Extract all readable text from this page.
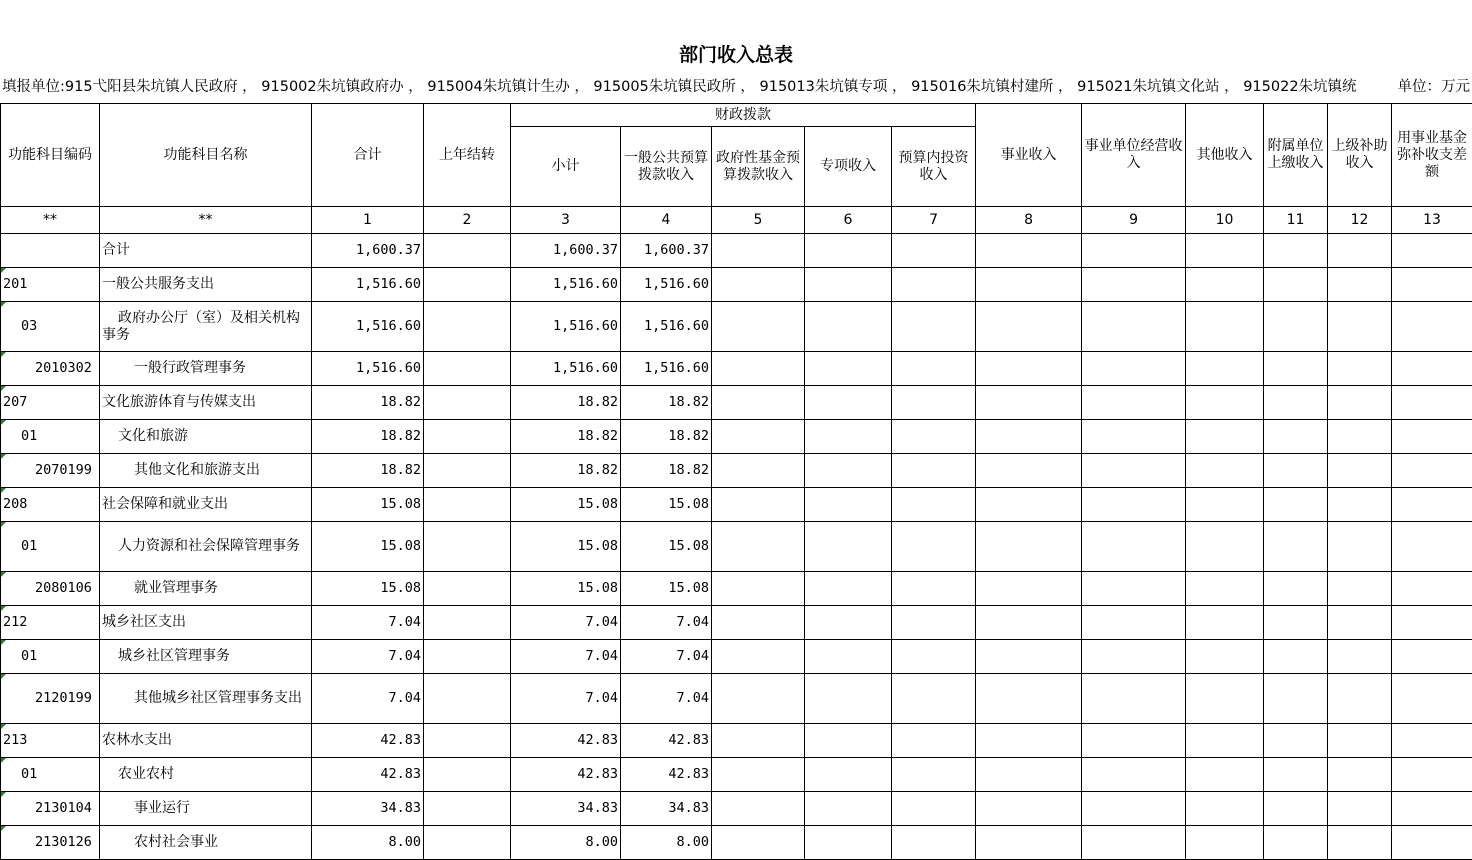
部门收入总表
填报单位:915弋阳县朱坑镇人民政府 ， 915002朱坑镇政府办 ， 915004朱坑镇计生办 ， 915005朱坑镇民政所 ， 915013朱坑镇专项 ， 915016朱坑镇村建所 ， 915021朱坑镇文化站 ， 915022朱坑镇统	单位：万元
功能科目编码	功能科目名称	合计	上年结转	财政拨款					事业收入	事业单位经营收入	其他收入	附属单位上缴收入	上级补助收入	用事业基金弥补收支差额
				小计	一般公共预算拨款收入	政府性基金预算拨款收入	专项收入	预算内投资收入						
**	**	1	2	3	4	5	6	7	8	9	10	11	12	13
	合计	1,600.37		1,600.37	1,600.37									
201	一般公共服务支出	1,516.60		1,516.60	1,516.60									
03	政府办公厅（室）及相关机构事务	1,516.60		1,516.60	1,516.60									
2010302	一般行政管理事务	1,516.60		1,516.60	1,516.60									
207	文化旅游体育与传媒支出	18.82		18.82	18.82									
01	文化和旅游	18.82		18.82	18.82									
2070199	其他文化和旅游支出	18.82		18.82	18.82									
208	社会保障和就业支出	15.08		15.08	15.08									
01	人力资源和社会保障管理事务	15.08		15.08	15.08									
2080106	就业管理事务	15.08		15.08	15.08									
212	城乡社区支出	7.04		7.04	7.04									
01	城乡社区管理事务	7.04		7.04	7.04									
2120199	其他城乡社区管理事务支出	7.04		7.04	7.04									
213	农林水支出	42.83		42.83	42.83									
01	农业农村	42.83		42.83	42.83									
2130104	事业运行	34.83		34.83	34.83									
2130126	农村社会事业	8.00		8.00	8.00									
